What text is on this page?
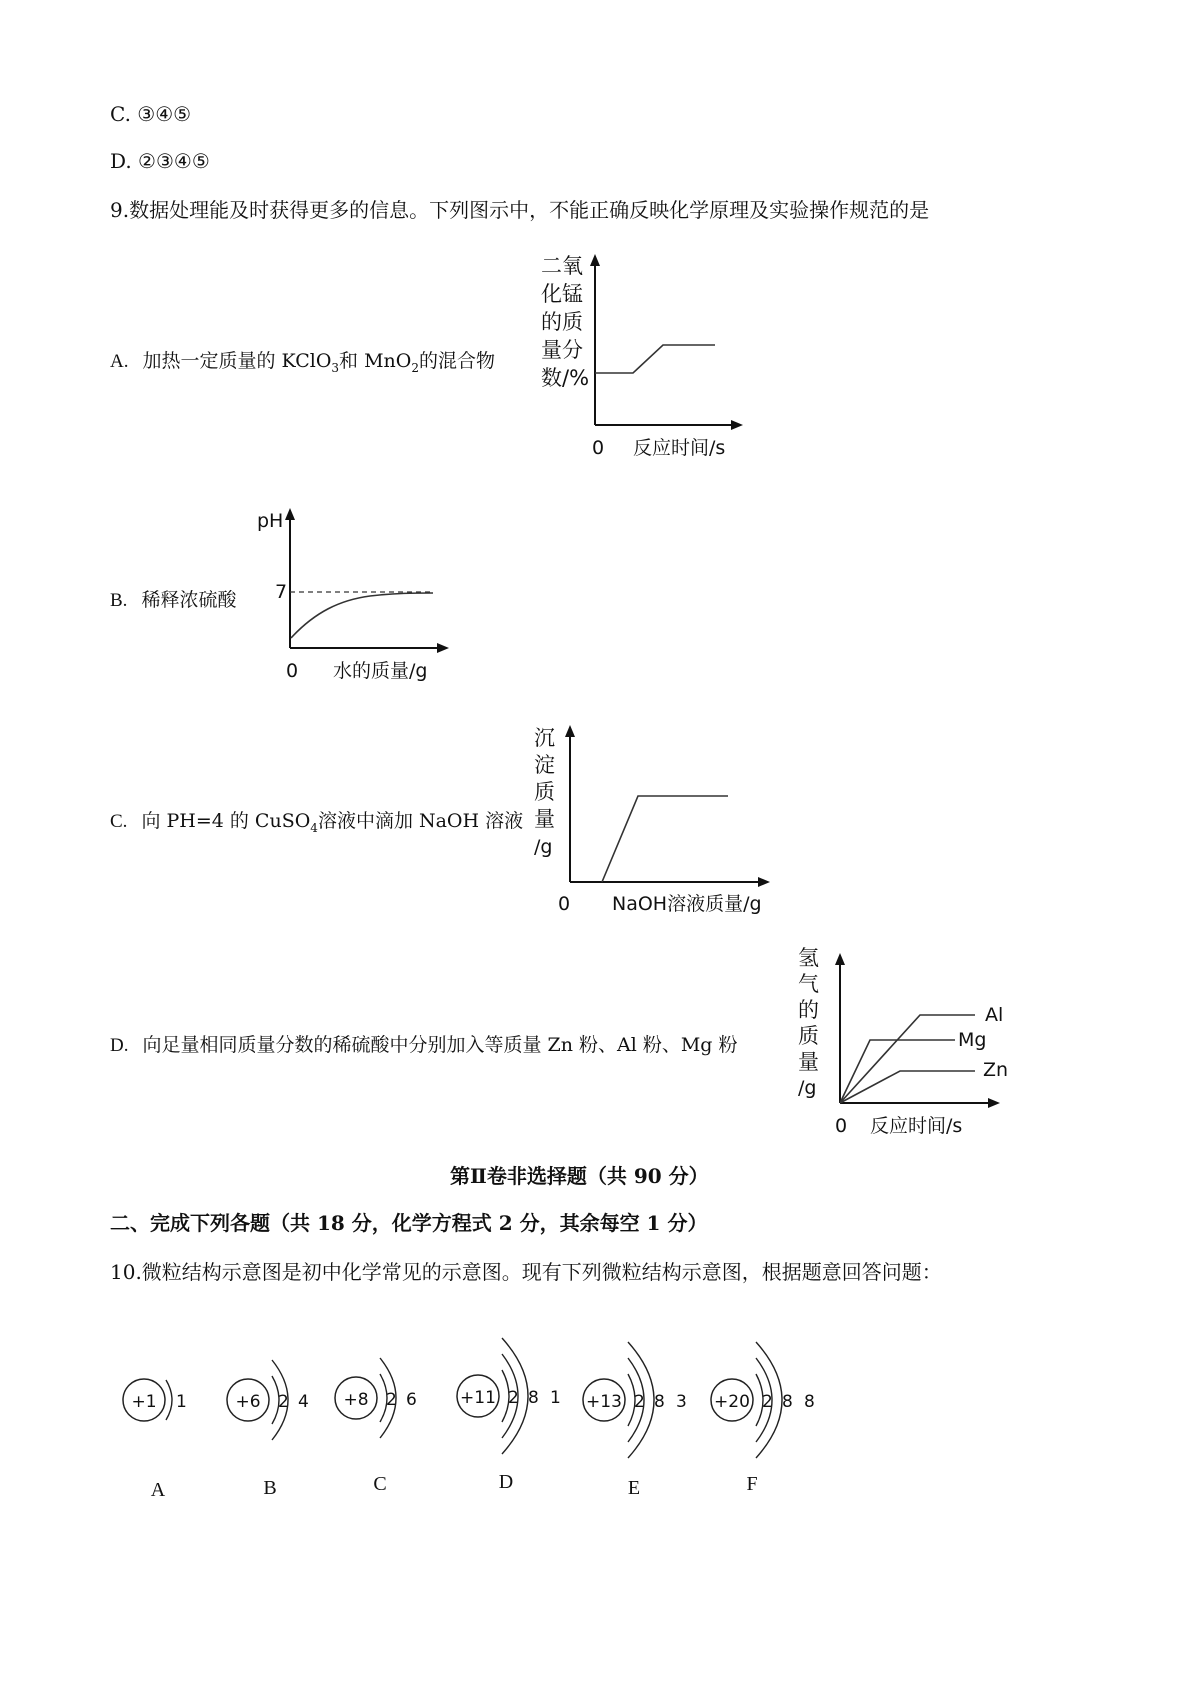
C. ③④⑤
D. ②③④⑤
9.数据处理能及时获得更多的信息。下列图示中，不能正确反映化学原理及实验操作规范的是
A. 加热一定质量的 KClO$_3$和 MnO$_2$的混合物
二氧
化锰
的质
量分
数/%
0 反应时间/s
B. 稀释浓硫酸
pH
7
0 水的质量/g
C. 向 PH=4 的 CuSO$_4$溶液中滴加 NaOH 溶液
沉
淀
质
量
/g
0 NaOH溶液质量/g
D. 向足量相同质量分数的稀硫酸中分别加入等质量 Zn 粉、Al 粉、Mg 粉
氢
气
的
质
量
/g
Al
Mg
Zn
0 反应时间/s
第Ⅱ卷非选择题（共 90 分）
二、完成下列各题（共 18 分，化学方程式 2 分，其余每空 1 分）
10.微粒结构示意图是初中化学常见的示意图。现有下列微粒结构示意图，根据题意回答问题：
+1 1
A
+6 2 4
B
+8 2 6
C
+11 2 8 1
D
+13 2 8 3
E
+20 2 8 8
F
